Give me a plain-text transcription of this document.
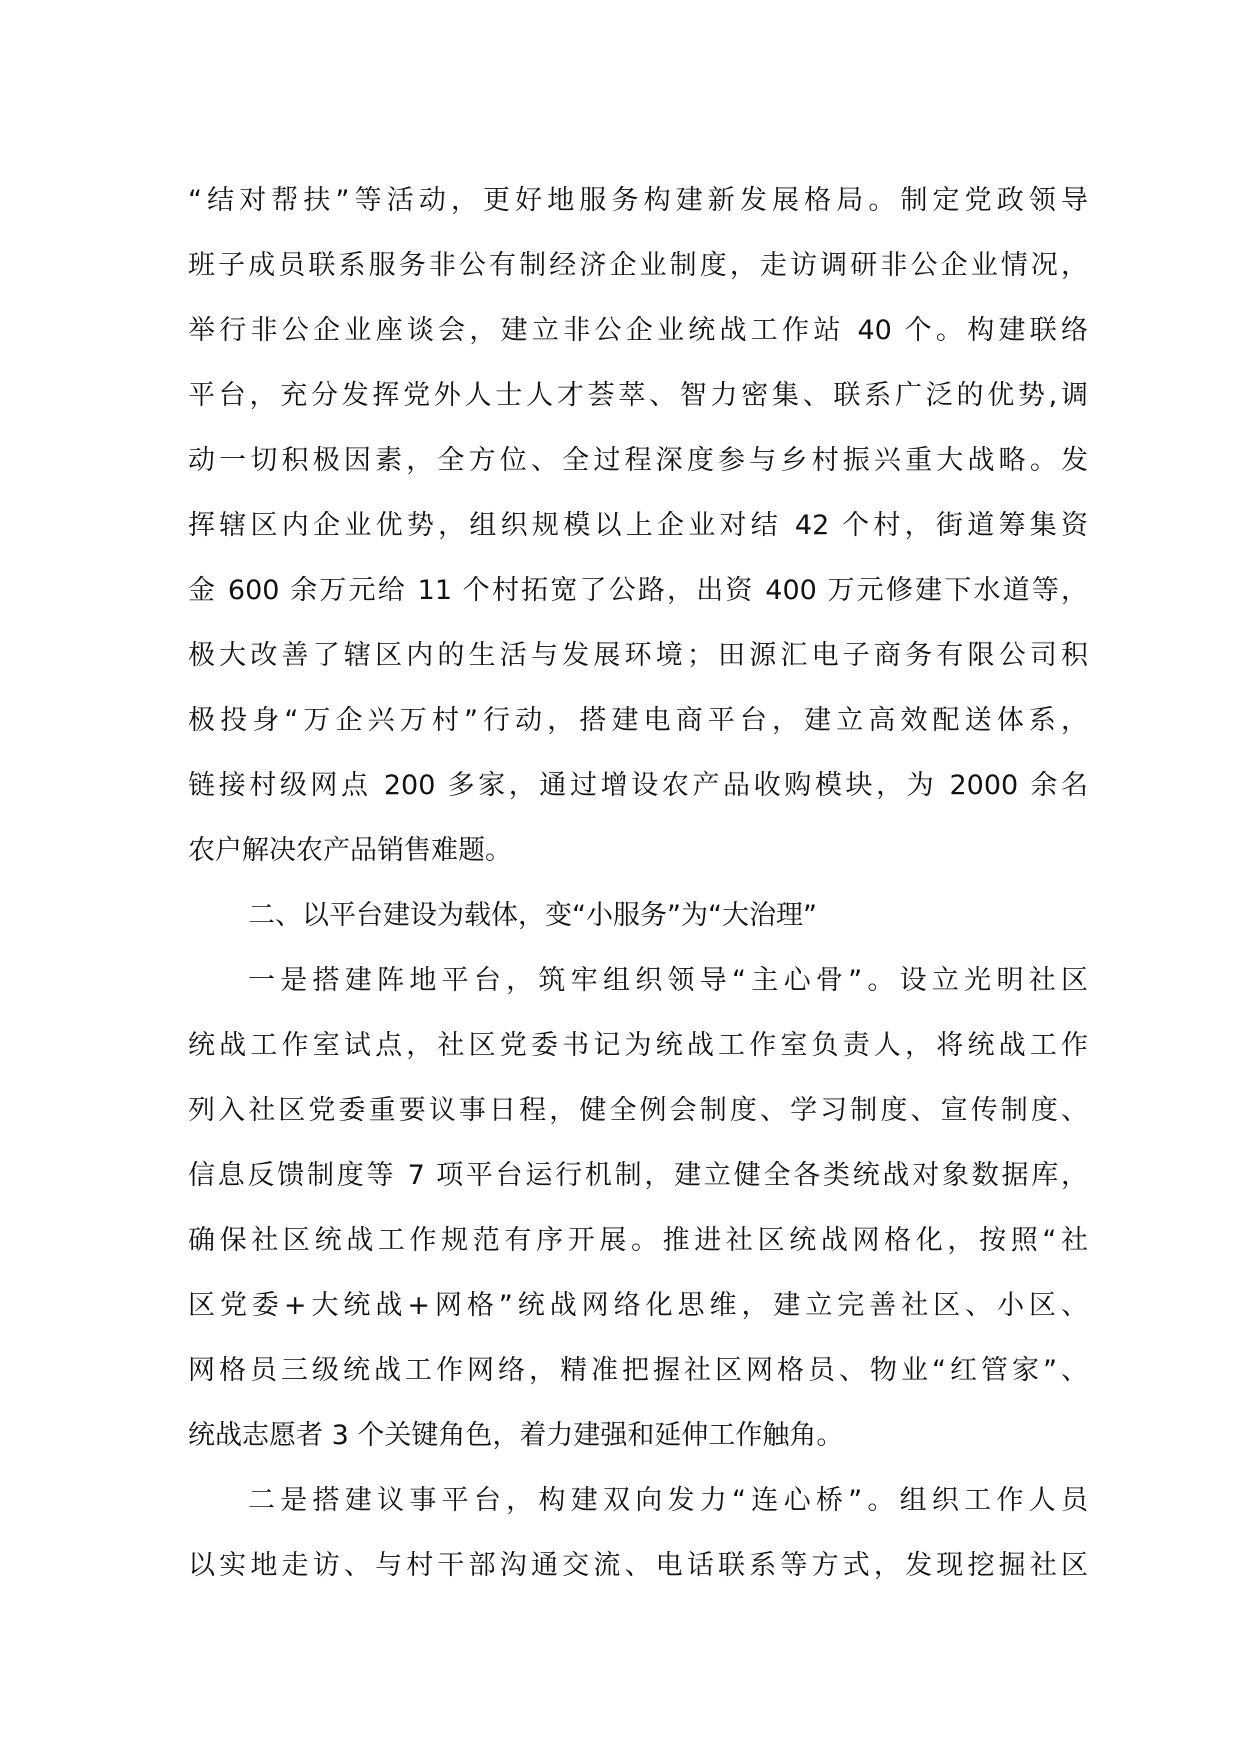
“结对帮扶”等活动，更好地服务构建新发展格局。制定党政领导
班子成员联系服务非公有制经济企业制度，走访调研非公企业情况，
举行非公企业座谈会，建立非公企业统战工作站 40 个。构建联络
平台，充分发挥党外人士人才荟萃、智力密集、联系广泛的优势,调
动一切积极因素，全方位、全过程深度参与乡村振兴重大战略。发
挥辖区内企业优势，组织规模以上企业对结 42 个村，街道筹集资
金 600 余万元给 11 个村拓宽了公路，出资 400 万元修建下水道等，
极大改善了辖区内的生活与发展环境；田源汇电子商务有限公司积
极投身“万企兴万村”行动，搭建电商平台，建立高效配送体系，
链接村级网点 200 多家，通过增设农产品收购模块，为 2000 余名
农户解决农产品销售难题。
二、以平台建设为载体，变“小服务”为“大治理”
一是搭建阵地平台，筑牢组织领导“主心骨”。设立光明社区
统战工作室试点，社区党委书记为统战工作室负责人，将统战工作
列入社区党委重要议事日程，健全例会制度、学习制度、宣传制度、
信息反馈制度等 7 项平台运行机制，建立健全各类统战对象数据库，
确保社区统战工作规范有序开展。推进社区统战网格化，按照“社
区党委+大统战+网格”统战网络化思维，建立完善社区、小区、
网格员三级统战工作网络，精准把握社区网格员、物业“红管家”、
统战志愿者 3 个关键角色，着力建强和延伸工作触角。
二是搭建议事平台，构建双向发力“连心桥”。组织工作人员
以实地走访、与村干部沟通交流、电话联系等方式，发现挖掘社区
